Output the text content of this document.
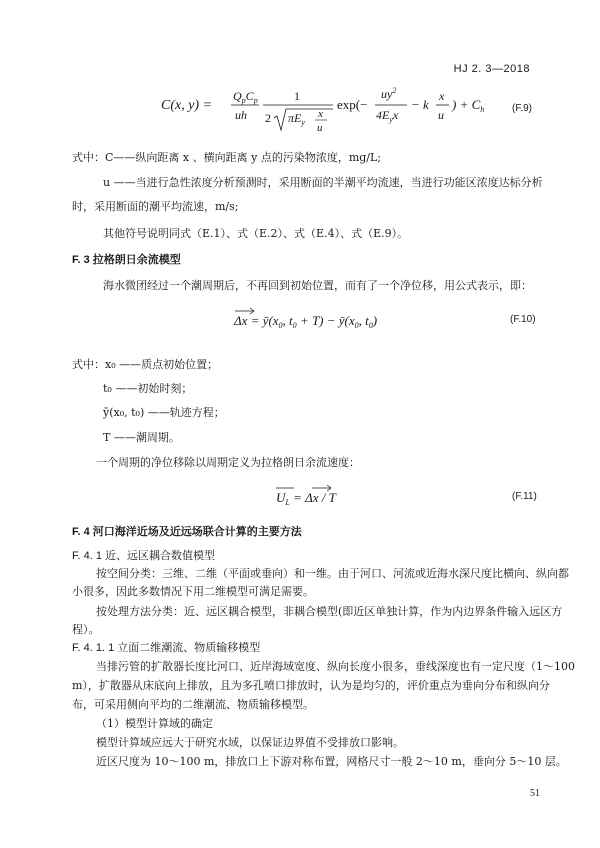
HJ 2. 3—2018
C(x, y) =
$Q_pC_p$
uh
1
2 $\pi E_y$
x
u
exp(−
$uy^2$
$4E_yx$
− k
x
u
) + $C_h$	(F.9)
式中：C——纵向距离 x 、横向距离 y 点的污染物浓度，mg/L;
u ——当进行急性浓度分析预测时，采用断面的半潮平均流速，当进行功能区浓度达标分析
时，采用断面的潮平均流速，m/s;
其他符号说明同式（E.1）、式（E.2）、式（E.4）、式（E.9）。
F. 3 拉格朗日余流模型
海水微团经过一个潮周期后，不再回到初始位置，而有了一个净位移，用公式表示，即：
$\Delta x = ȳ(x_0$, $t_0 + T$) − $ȳ(x_0$, $t_0$)	(F.10)
式中：x₀ ——质点初始位置；
t₀ ——初始时刻；
ȳ(x₀, t₀) ——轨迹方程；
T ——潮周期。
一个周期的净位移除以周期定义为拉格朗日余流速度：
$U_L = \Delta x / T$	(F.11)
F. 4 河口海洋近场及近远场联合计算的主要方法
F. 4. 1 近、远区耦合数值模型
按空间分类：三维、二维（平面或垂向）和一维。由于河口、河流或近海水深尺度比横向、纵向都
小很多，因此多数情况下用二维模型可满足需要。
按处理方法分类：近、远区耦合模型，非耦合模型(即近区单独计算，作为内边界条件输入远区方
程）。
F. 4. 1. 1 立面二维潮流、物质输移模型
当排污管的扩散器长度比河口、近岸海域宽度、纵向长度小很多，垂线深度也有一定尺度（1～100
m），扩散器从床底向上排放，且为多孔喷口排放时，认为是均匀的，评价重点为垂向分布和纵向分
布，可采用侧向平均的二维潮流、物质输移模型。
（1）模型计算域的确定
模型计算域应远大于研究水域，以保证边界值不受排放口影响。
近区尺度为 10～100 m，排放口上下游对称布置，网格尺寸一般 2～10 m，垂向分 5～10 层。
51
